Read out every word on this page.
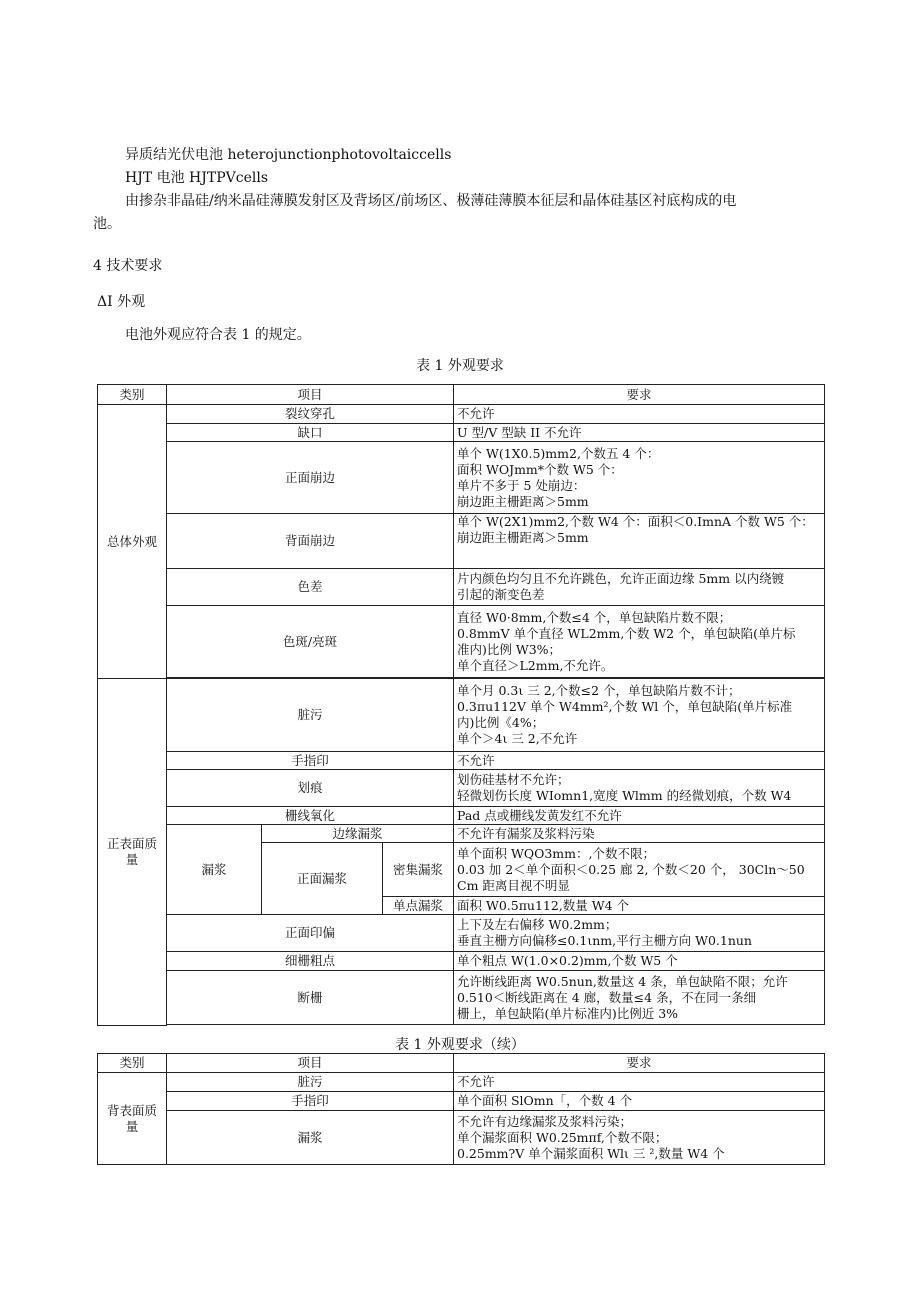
异质结光伏电池 heterojunctionphotovoltaiccells
HJT 电池 HJTPVcells
由掺杂非晶硅/纳米晶硅薄膜发射区及背场区/前场区、极薄硅薄膜本征层和晶体硅基区衬底构成的电
池。
4 技术要求
ΔI 外观
电池外观应符合表 1 的规定。
表 1 外观要求
类别	项目			要求
总体外观	裂纹穿孔			不允许

	缺口			U 型/V 型缺 II 不允许

	正面崩边			单个 W(1X0.5)mm2,个数五 4 个：
面积 WOJmm*个数 W5 个：
单片不多于 5 处崩边：
崩边距主栅距离＞5mm

	背面崩边			单个 W(2X1)mm2,个数 W4 个：面积＜0.ImnA 个数 W5 个：
崩边距主栅距离＞5mm

	色差			片内颜色均匀且不允许跳色，允许正面边缘 5mm 以内绕镀
引起的渐变色差

	色斑/亮斑			直径 W0·8mm,个数≤4 个，单包缺陷片数不限；
0.8mmV 单个直径 WL2mm,个数 W2 个，单包缺陷(单片标
准内)比例 W3%；
单个直径＞L2mm,不允许。

正表面质量	脏污			单个月 0.3ι 三 2,个数≤2 个，单包缺陷片数不计；
0.3πu112V 单个 W4mm²,个数 Wl 个，单包缺陷(单片标准
内)比例《4%；
单个＞4ι 三 2,不允许

	手指印			不允许

	划痕			划伤硅基材不允许；
轻微划伤长度 WIomn1,宽度 Wlmm 的经微划痕，个数 W4

	栅线氧化			Pad 点或栅线发黄发红不允许

	漏浆	边缘漏浆		不允许有漏浆及浆料污染

		正面漏浆	密集漏浆	单个面积 WQO3mm：,个数不限；
0.03 加 2＜单个面积＜0.25 廊 2, 个数＜20 个， 30Cln～50
Cm 距离目视不明显

			单点漏浆	面积 W0.5πu112,数量 W4 个

	正面印偏			上下及左右偏移 W0.2mm；
垂直主栅方向偏移≤0.1ιnm,平行主栅方向 W0.1nun

	细栅粗点			单个粗点 W(1.0×0.2)mm,个数 W5 个

	断栅			允许断线距离 W0.5nun,数量这 4 条，单包缺陷不限；允许
0.510＜断线距离在 4 廊，数量≤4 条，不在同一条细
栅上，单包缺陷(单片标准内)比例近 3%

表 1 外观要求（续）
类别	项目	要求

背表面质量	脏污	不允许

	手指印	单个面积 SlOmn「，个数 4 个

	漏浆	不允许有边缘漏浆及浆料污染；
单个漏浆面积 W0.25mπf,个数不限；
0.25mm?V 单个漏浆面积 Wlι 三 ²,数量 W4 个
